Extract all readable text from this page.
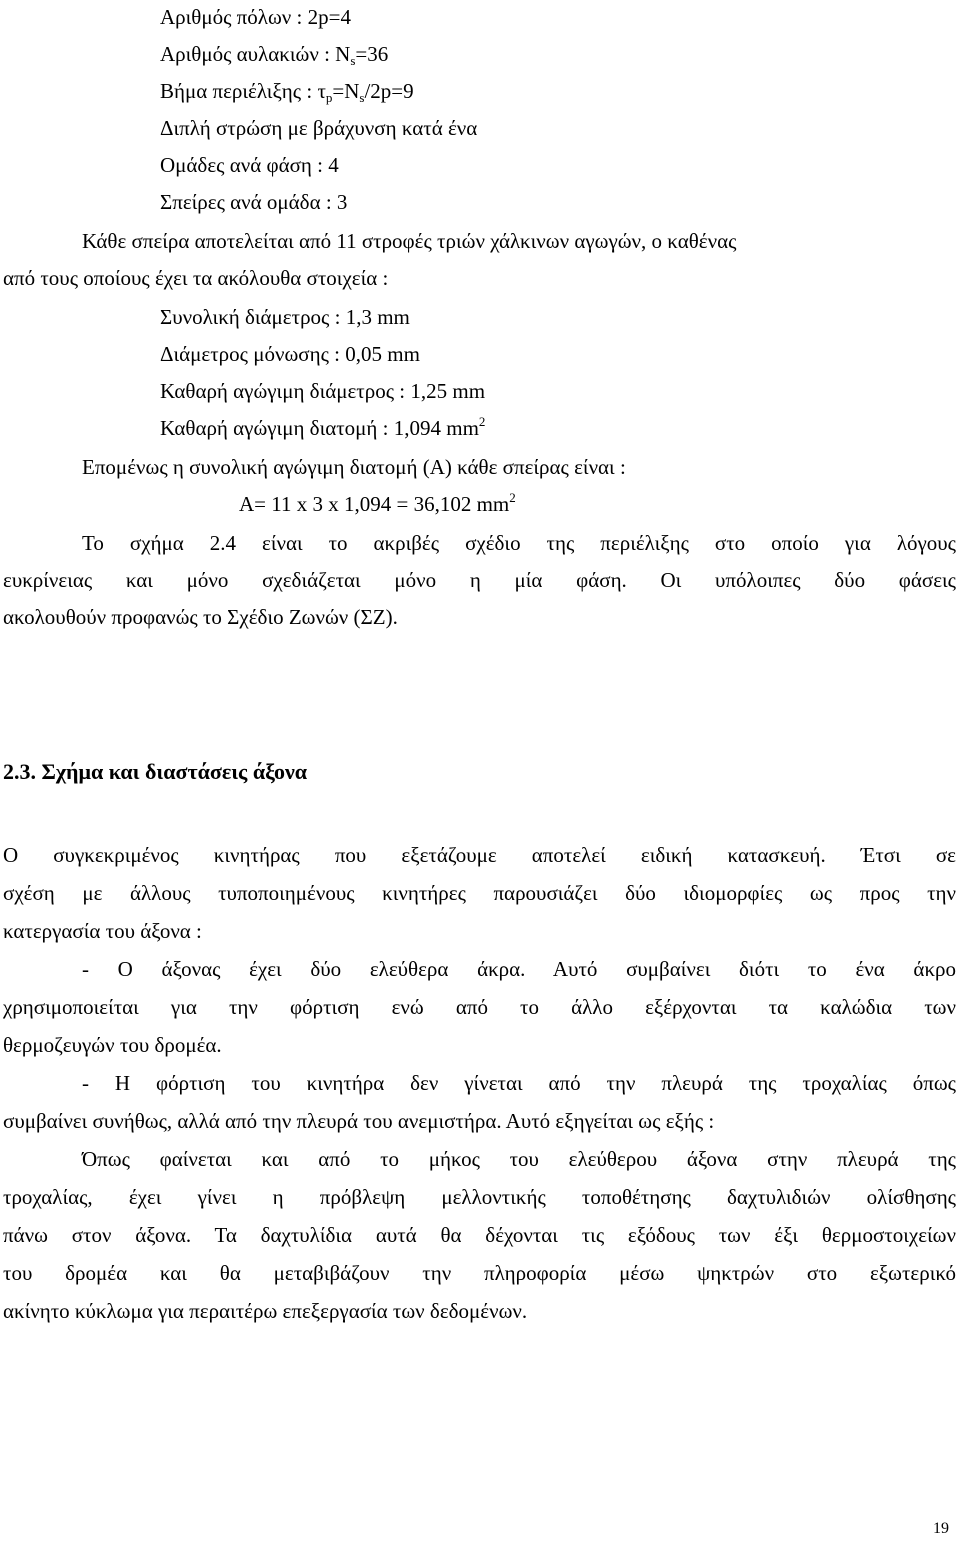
Αριθμός πόλων : 2p=4
Αριθμός αυλακιών : $N_s=36$
Βήμα περιέλιξης : $\tau_p=N_s/2p=9$
Διπλή στρώση με βράχυνση κατά ένα
Ομάδες ανά φάση : 4
Σπείρες ανά ομάδα : 3
Κάθε σπείρα αποτελείται από 11 στροφές τριών χάλκινων αγωγών, ο καθένας
από τους οποίους έχει τα ακόλουθα στοιχεία :
Συνολική διάμετρος : 1,3 mm
Διάμετρος μόνωσης : 0,05 mm
Καθαρή αγώγιμη διάμετρος : 1,25 mm
Καθαρή αγώγιμη διατομή : 1,094 $mm^2$
Επομένως η συνολική αγώγιμη διατομή (Α) κάθε σπείρας είναι :
Α= 11 x 3 x 1,094 = 36,102 $mm^2$
Το σχήμα 2.4 είναι το ακριβές σχέδιο της περιέλιξης στο οποίο για λόγους
ευκρίνειας και μόνο σχεδιάζεται μόνο η μία φάση. Οι υπόλοιπες δύο φάσεις
ακολουθούν προφανώς το Σχέδιο Ζωνών (ΣΖ).
2.3. Σχήμα και διαστάσεις άξονα
Ο συγκεκριμένος κινητήρας που εξετάζουμε αποτελεί ειδική κατασκευή. Έτσι σε
σχέση με άλλους τυποποιημένους κινητήρες παρουσιάζει δύο ιδιομορφίες ως προς την
κατεργασία του άξονα :
- Ο άξονας έχει δύο ελεύθερα άκρα. Αυτό συμβαίνει διότι το ένα άκρο
χρησιμοποιείται για την φόρτιση ενώ από το άλλο εξέρχονται τα καλώδια των
θερμοζευγών του δρομέα.
- Η φόρτιση του κινητήρα δεν γίνεται από την πλευρά της τροχαλίας όπως
συμβαίνει συνήθως, αλλά από την πλευρά του ανεμιστήρα. Αυτό εξηγείται ως εξής :
Όπως φαίνεται και από το μήκος του ελεύθερου άξονα στην πλευρά της
τροχαλίας, έχει γίνει η πρόβλεψη μελλοντικής τοποθέτησης δαχτυλιδιών ολίσθησης
πάνω στον άξονα. Τα δαχτυλίδια αυτά θα δέχονται τις εξόδους των έξι θερμοστοιχείων
του δρομέα και θα μεταβιβάζουν την πληροφορία μέσω ψηκτρών στο εξωτερικό
ακίνητο κύκλωμα για περαιτέρω επεξεργασία των δεδομένων.
19
